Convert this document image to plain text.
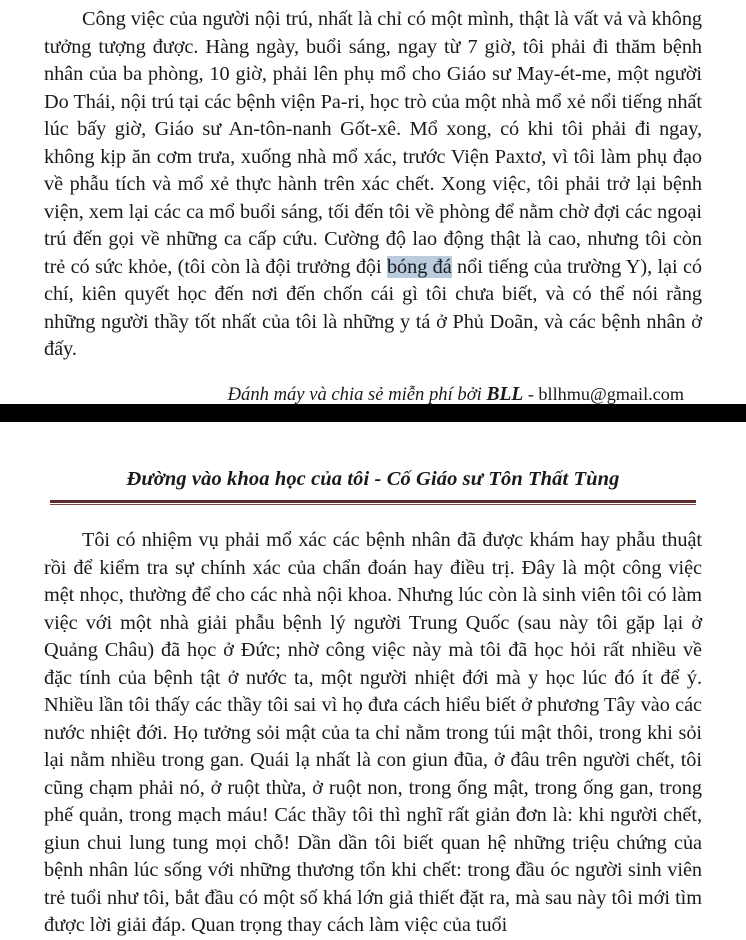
Công việc của người nội trú, nhất là chỉ có một mình, thật là vất vả và không tưởng tượng được. Hàng ngày, buổi sáng, ngay từ 7 giờ, tôi phải đi thăm bệnh nhân của ba phòng, 10 giờ, phải lên phụ mổ cho Giáo sư May-ét-me, một người Do Thái, nội trú tại các bệnh viện Pa-ri, học trò của một nhà mổ xẻ nổi tiếng nhất lúc bấy giờ, Giáo sư An-tôn-nanh Gốt-xê. Mổ xong, có khi tôi phải đi ngay, không kịp ăn cơm trưa, xuống nhà mổ xác, trước Viện Paxtơ, vì tôi làm phụ đạo về phẫu tích và mổ xẻ thực hành trên xác chết. Xong việc, tôi phải trở lại bệnh viện, xem lại các ca mổ buổi sáng, tối đến tôi về phòng để nằm chờ đợi các ngoại trú đến gọi về những ca cấp cứu. Cường độ lao động thật là cao, nhưng tôi còn trẻ có sức khỏe, (tôi còn là đội trưởng đội bóng đá nổi tiếng của trường Y), lại có chí, kiên quyết học đến nơi đến chốn cái gì tôi chưa biết, và có thể nói rằng những người thầy tốt nhất của tôi là những y tá ở Phủ Doãn, và các bệnh nhân ở đấy.

Đánh máy và chia sẻ miễn phí bởi BLL - bllhmu@gmail.com
Đường vào khoa học của tôi - Cố Giáo sư Tôn Thất Tùng

Tôi có nhiệm vụ phải mổ xác các bệnh nhân đã được khám hay phẫu thuật rồi để kiểm tra sự chính xác của chẩn đoán hay điều trị. Đây là một công việc mệt nhọc, thường để cho các nhà nội khoa. Nhưng lúc còn là sinh viên tôi có làm việc với một nhà giải phẫu bệnh lý người Trung Quốc (sau này tôi gặp lại ở Quảng Châu) đã học ở Đức; nhờ công việc này mà tôi đã học hỏi rất nhiều về đặc tính của bệnh tật ở nước ta, một người nhiệt đới mà y học lúc đó ít để ý. Nhiều lần tôi thấy các thầy tôi sai vì họ đưa cách hiểu biết ở phương Tây vào các nước nhiệt đới. Họ tưởng sỏi mật của ta chỉ nằm trong túi mật thôi, trong khi sỏi lại nằm nhiều trong gan. Quái lạ nhất là con giun đũa, ở đâu trên người chết, tôi cũng chạm phải nó, ở ruột thừa, ở ruột non, trong ống mật, trong ống gan, trong phế quản, trong mạch máu! Các thầy tôi thì nghĩ rất giản đơn là: khi người chết, giun chui lung tung mọi chỗ! Dần dần tôi biết quan hệ những triệu chứng của bệnh nhân lúc sống với những thương tổn khi chết: trong đầu óc người sinh viên trẻ tuổi như tôi, bắt đầu có một số khá lớn giả thiết đặt ra, mà sau này tôi mới tìm được lời giải đáp. Quan trọng thay cách làm việc của tuổi
